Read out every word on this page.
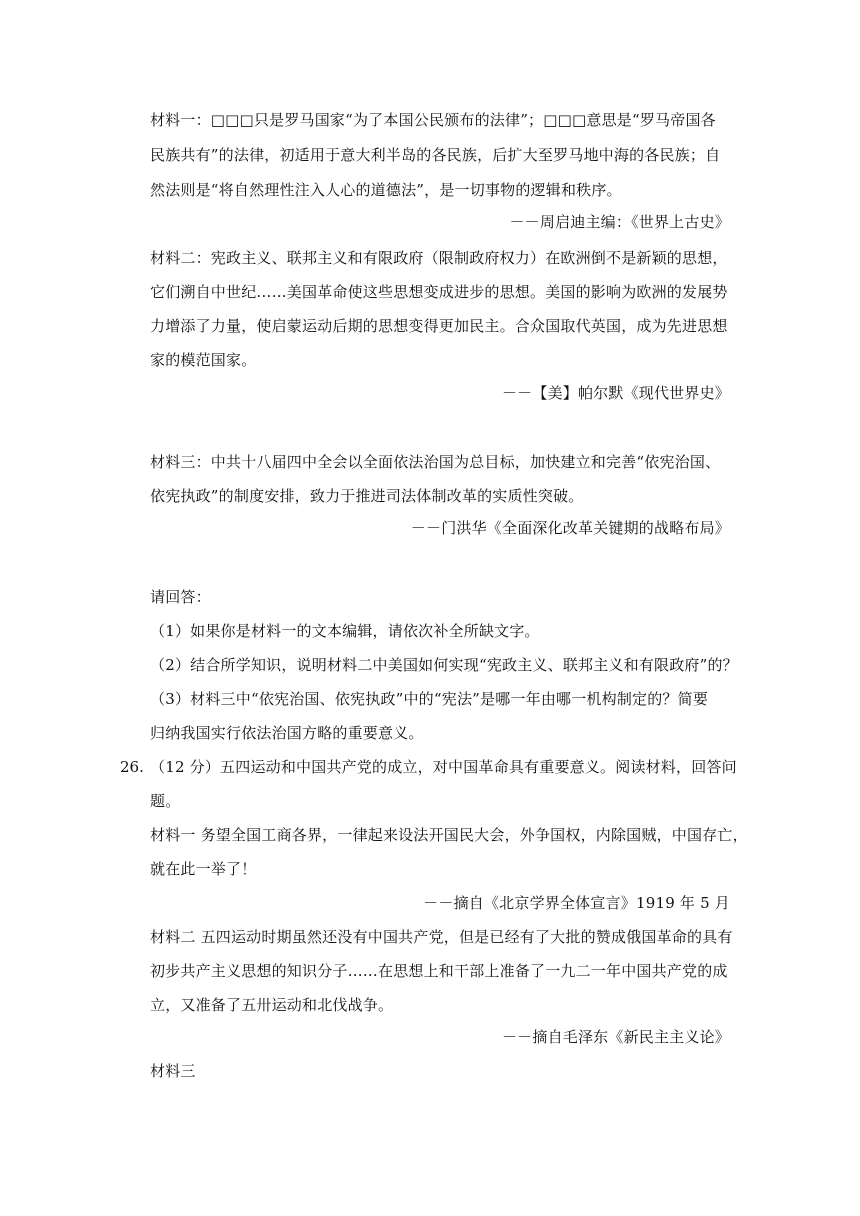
材料一：□□□只是罗马国家“为了本国公民颁布的法律”；□□□意思是“罗马帝国各
民族共有”的法律，初适用于意大利半岛的各民族，后扩大至罗马地中海的各民族；自
然法则是“将自然理性注入人心的道德法”，是一切事物的逻辑和秩序。
－－周启迪主编：《世界上古史》
材料二：宪政主义、联邦主义和有限政府（限制政府权力）在欧洲倒不是新颖的思想，
它们溯自中世纪……美国革命使这些思想变成进步的思想。美国的影响为欧洲的发展势
力增添了力量，使启蒙运动后期的思想变得更加民主。合众国取代英国，成为先进思想
家的模范国家。
－－【美】帕尔默《现代世界史》
材料三：中共十八届四中全会以全面依法治国为总目标，加快建立和完善“依宪治国、
依宪执政”的制度安排，致力于推进司法体制改革的实质性突破。
－－门洪华《全面深化改革关键期的战略布局》
请回答：
（1）如果你是材料一的文本编辑，请依次补全所缺文字。
（2）结合所学知识，说明材料二中美国如何实现“宪政主义、联邦主义和有限政府”的？
（3）材料三中“依宪治国、依宪执政”中的“宪法”是哪一年由哪一机构制定的？简要
归纳我国实行依法治国方略的重要意义。
26. （12 分）五四运动和中国共产党的成立，对中国革命具有重要意义。阅读材料，回答问
题。
材料一 务望全国工商各界，一律起来设法开国民大会，外争国权，内除国贼，中国存亡，
就在此一举了！
－－摘自《北京学界全体宣言》1919 年 5 月
材料二 五四运动时期虽然还没有中国共产党，但是已经有了大批的赞成俄国革命的具有
初步共产主义思想的知识分子……在思想上和干部上准备了一九二一年中国共产党的成
立，又准备了五卅运动和北伐战争。
－－摘自毛泽东《新民主主义论》
材料三
